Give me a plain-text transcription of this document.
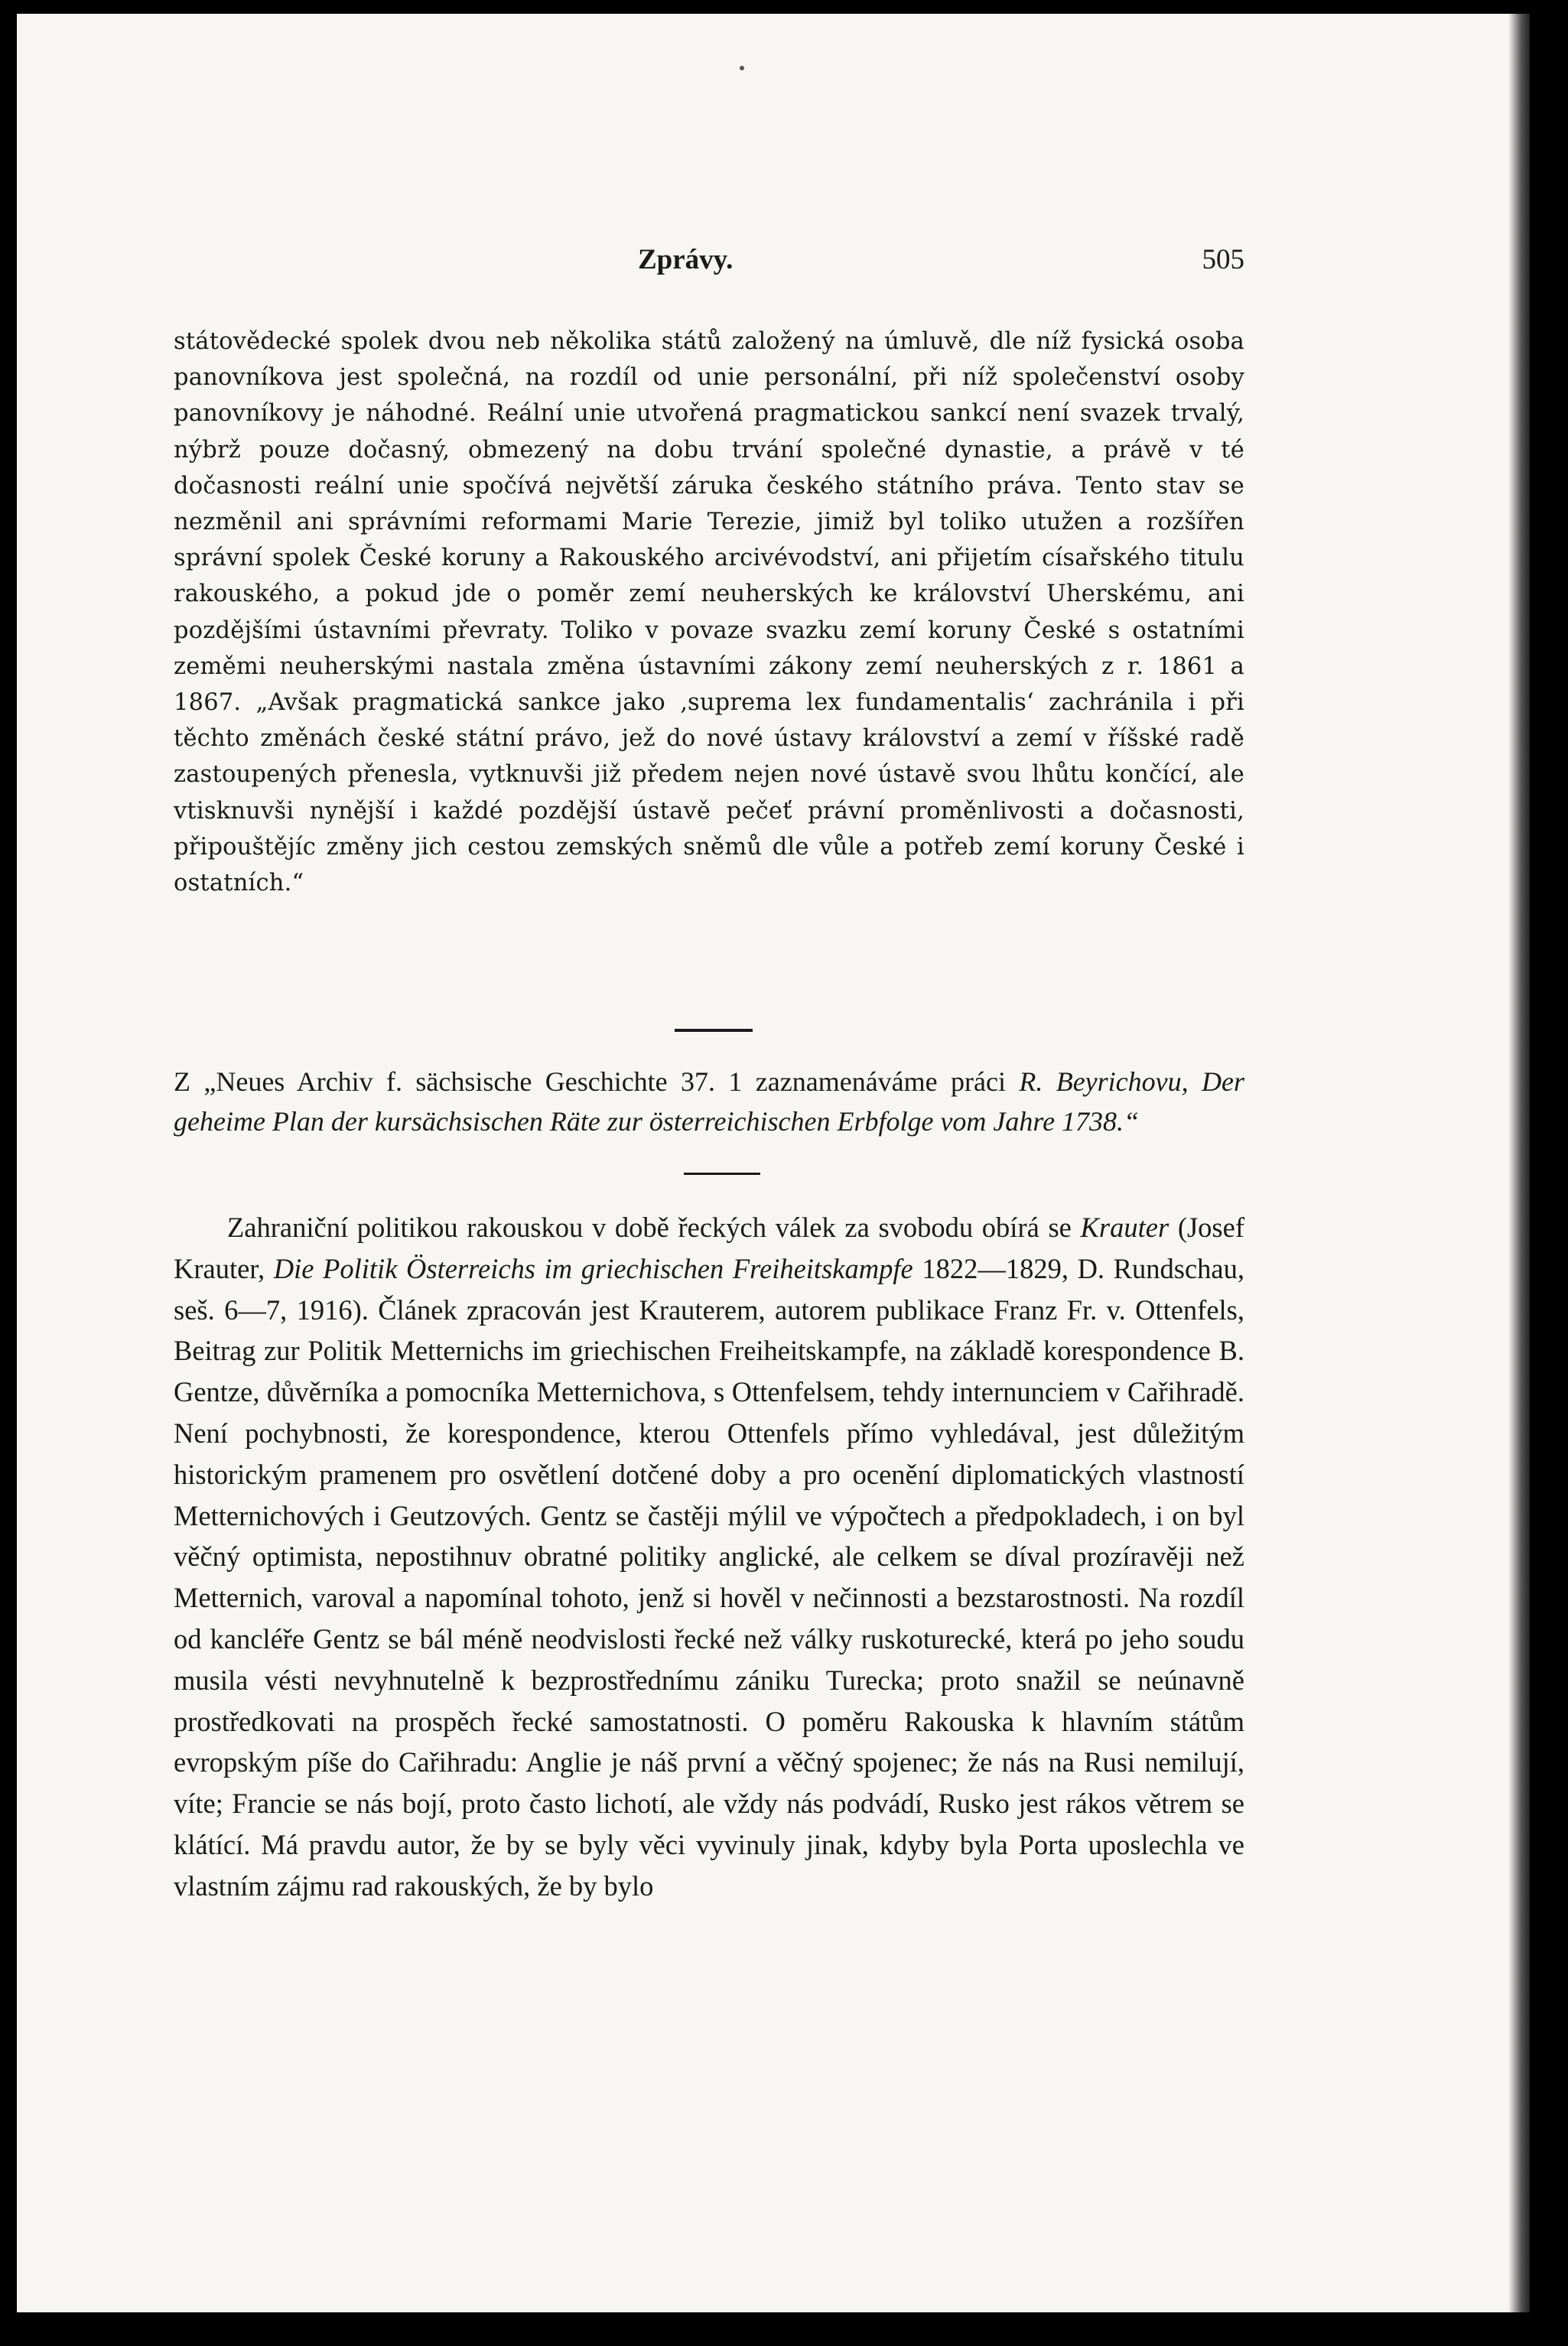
Zprávy.	505
státovědecké spolek dvou neb několika států založený na úmluvě, dle níž fysická osoba panovníkova jest společná, na rozdíl od unie personální, při níž společenství osoby panovníkovy je náhodné. Reální unie utvořená pragmatickou sankcí není svazek trvalý, nýbrž pouze dočasný, obmezený na dobu trvání společné dynastie, a právě v té dočasnosti reální unie spočívá největší záruka českého státního práva. Tento stav se nezměnil ani správními reformami Marie Terezie, jimiž byl toliko utužen a rozšířen správní spolek České koruny a Rakouského arcivévodství, ani přijetím císařského titulu rakouského, a pokud jde o poměr zemí neuherských ke království Uherskému, ani pozdějšími ústavními převraty. Toliko v povaze svazku zemí koruny České s ostatními zeměmi neuherskými nastala změna ústavními zákony zemí neuherských z r. 1861 a 1867. „Avšak pragmatická sankce jako ‚suprema lex fundamentalis‘ zachránila i při těchto změnách české státní právo, jež do nové ústavy království a zemí v říšské radě zastoupených přenesla, vytknuvši již předem nejen nové ústavě svou lhůtu končící, ale vtisknuvši nynější i každé pozdější ústavě pečeť právní proměnlivosti a dočasnosti, připouštějíc změny jich cestou zemských sněmů dle vůle a potřeb zemí koruny České i ostatních.“
Z „Neues Archiv f. sächsische Geschichte 37. 1 zaznamenáváme práci R. Beyrichovu, Der geheime Plan der kursächsischen Räte zur österreichischen Erbfolge vom Jahre 1738.“
Zahraniční politikou rakouskou v době řeckých válek za svobodu obírá se Krauter (Josef Krauter, Die Politik Österreichs im griechischen Freiheitskampfe 1822—1829, D. Rundschau, seš. 6—7, 1916). Článek zpracován jest Krauterem, autorem publikace Franz Fr. v. Ottenfels, Beitrag zur Politik Metternichs im griechischen Freiheitskampfe, na základě korespondence B. Gentze, důvěrníka a pomocníka Metternichova, s Ottenfelsem, tehdy internunciem v Cařihradě. Není pochybnosti, že korespondence, kterou Ottenfels přímo vyhledával, jest důležitým historickým pramenem pro osvětlení dotčené doby a pro ocenění diplomatických vlastností Metternichových i Geutzových. Gentz se častěji mýlil ve výpočtech a předpokladech, i on byl věčný optimista, nepostihnuv obratné politiky anglické, ale celkem se díval prozíravěji než Metternich, varoval a napomínal tohoto, jenž si hověl v nečinnosti a bezstarostnosti. Na rozdíl od kancléře Gentz se bál méně neodvislosti řecké než války ruskoturecké, která po jeho soudu musila vésti nevyhnutelně k bezprostřednímu zániku Turecka; proto snažil se neúnavně prostředkovati na prospěch řecké samostatnosti. O poměru Rakouska k hlavním státům evropským píše do Cařihradu: Anglie je náš první a věčný spojenec; že nás na Rusi nemilují, víte; Francie se nás bojí, proto často lichotí, ale vždy nás podvádí, Rusko jest rákos větrem se klátící. Má pravdu autor, že by se byly věci vyvinuly jinak, kdyby byla Porta uposlechla ve vlastním zájmu rad rakouských, že by bylo
